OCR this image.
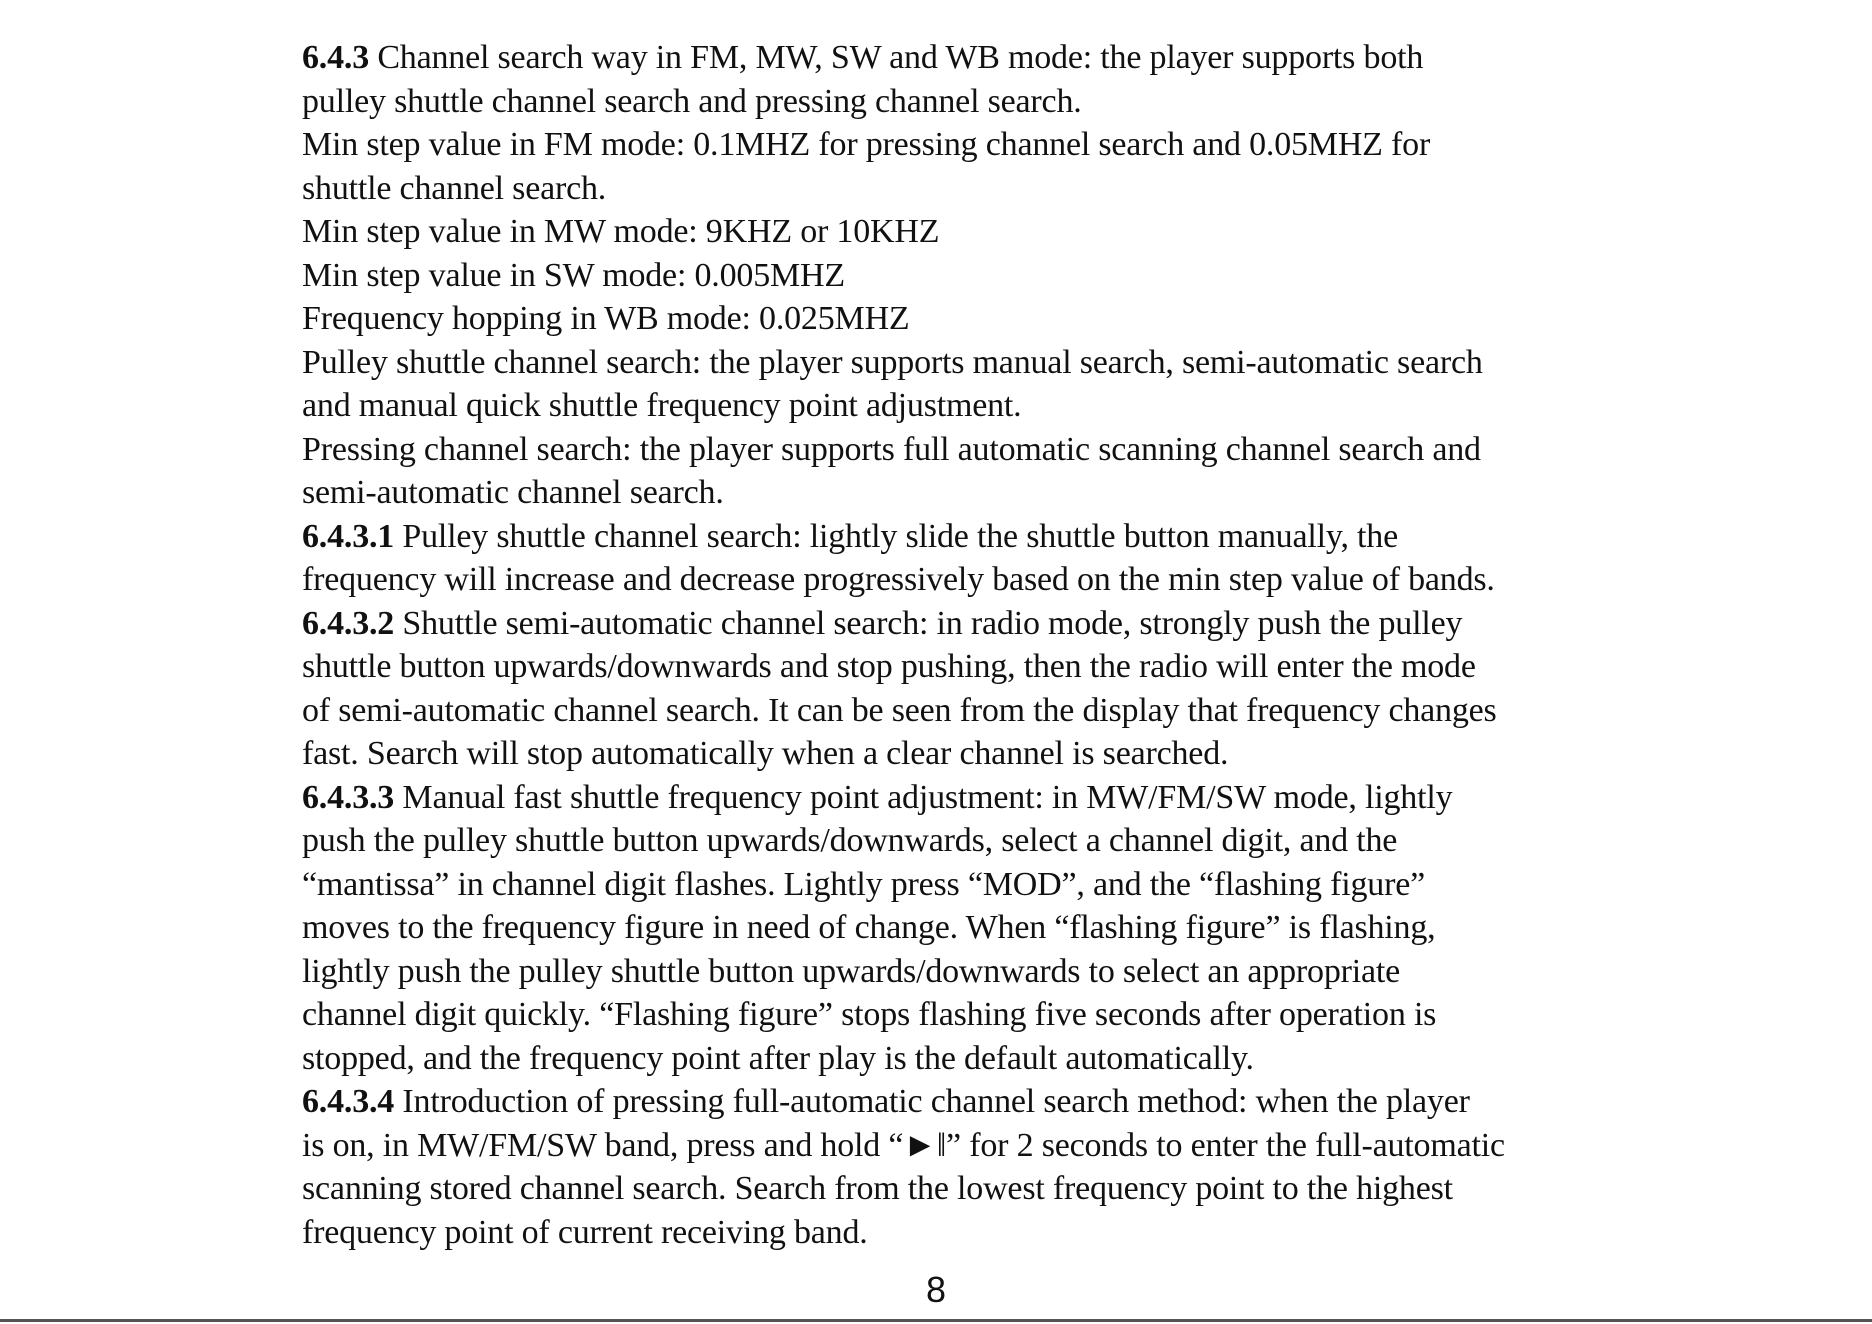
6.4.3 Channel search way in FM, MW, SW and WB mode: the player supports both
pulley shuttle channel search and pressing channel search.
Min step value in FM mode: 0.1MHZ for pressing channel search and 0.05MHZ for
shuttle channel search.
Min step value in MW mode: 9KHZ or 10KHZ
Min step value in SW mode: 0.005MHZ
Frequency hopping in WB mode: 0.025MHZ
Pulley shuttle channel search: the player supports manual search, semi-automatic search
and manual quick shuttle frequency point adjustment.
Pressing channel search: the player supports full automatic scanning channel search and
semi-automatic channel search.
6.4.3.1 Pulley shuttle channel search: lightly slide the shuttle button manually, the
frequency will increase and decrease progressively based on the min step value of bands.
6.4.3.2 Shuttle semi-automatic channel search: in radio mode, strongly push the pulley
shuttle button upwards/downwards and stop pushing, then the radio will enter the mode
of semi-automatic channel search. It can be seen from the display that frequency changes
fast. Search will stop automatically when a clear channel is searched.
6.4.3.3 Manual fast shuttle frequency point adjustment: in MW/FM/SW mode, lightly
push the pulley shuttle button upwards/downwards, select a channel digit, and the
“mantissa” in channel digit flashes. Lightly press “MOD”, and the “flashing figure”
moves to the frequency figure in need of change. When “flashing figure” is flashing,
lightly push the pulley shuttle button upwards/downwards to select an appropriate
channel digit quickly. “Flashing figure” stops flashing five seconds after operation is
stopped, and the frequency point after play is the default automatically.
6.4.3.4 Introduction of pressing full-automatic channel search method: when the player
is on, in MW/FM/SW band, press and hold “►ǁ” for 2 seconds to enter the full-automatic
scanning stored channel search. Search from the lowest frequency point to the highest
frequency point of current receiving band.
8
